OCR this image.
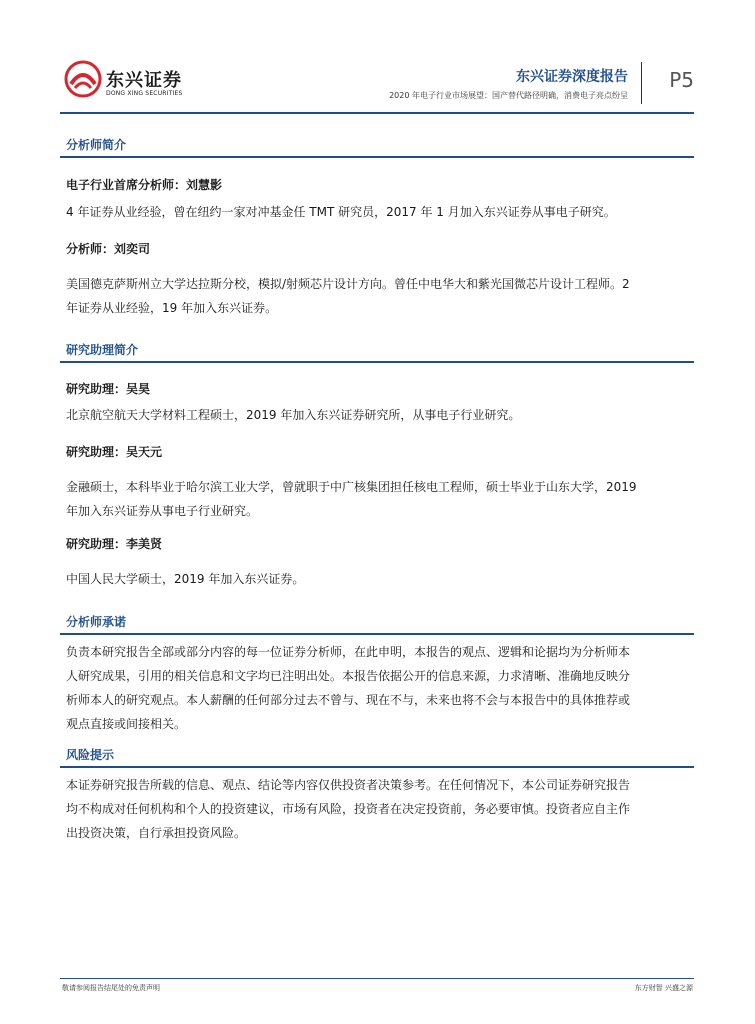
东兴证券
DONG XING SECURITIES
东兴证券深度报告
2020 年电子行业市场展望：国产替代路径明确，消费电子亮点纷呈
P5
分析师简介
电子行业首席分析师：刘慧影
4 年证券从业经验，曾在纽约一家对冲基金任 TMT 研究员，2017 年 1 月加入东兴证券从事电子研究。
分析师：刘奕司
美国德克萨斯州立大学达拉斯分校，模拟/射频芯片设计方向。曾任中电华大和紫光国微芯片设计工程师。2
年证券从业经验，19 年加入东兴证券。
研究助理简介
研究助理：吴昊
北京航空航天大学材料工程硕士，2019 年加入东兴证券研究所，从事电子行业研究。
研究助理：吴天元
金融硕士，本科毕业于哈尔滨工业大学，曾就职于中广核集团担任核电工程师，硕士毕业于山东大学，2019
年加入东兴证券从事电子行业研究。
研究助理：李美贤
中国人民大学硕士，2019 年加入东兴证券。
分析师承诺
负责本研究报告全部或部分内容的每一位证券分析师，在此申明，本报告的观点、逻辑和论据均为分析师本
人研究成果，引用的相关信息和文字均已注明出处。本报告依据公开的信息来源，力求清晰、准确地反映分
析师本人的研究观点。本人薪酬的任何部分过去不曾与、现在不与，未来也将不会与本报告中的具体推荐或
观点直接或间接相关。
风险提示
本证券研究报告所载的信息、观点、结论等内容仅供投资者决策参考。在任何情况下，本公司证券研究报告
均不构成对任何机构和个人的投资建议，市场有风险，投资者在决定投资前，务必要审慎。投资者应自主作
出投资决策，自行承担投资风险。
敬请参阅报告结尾处的免责声明	东方财智 兴盛之源
